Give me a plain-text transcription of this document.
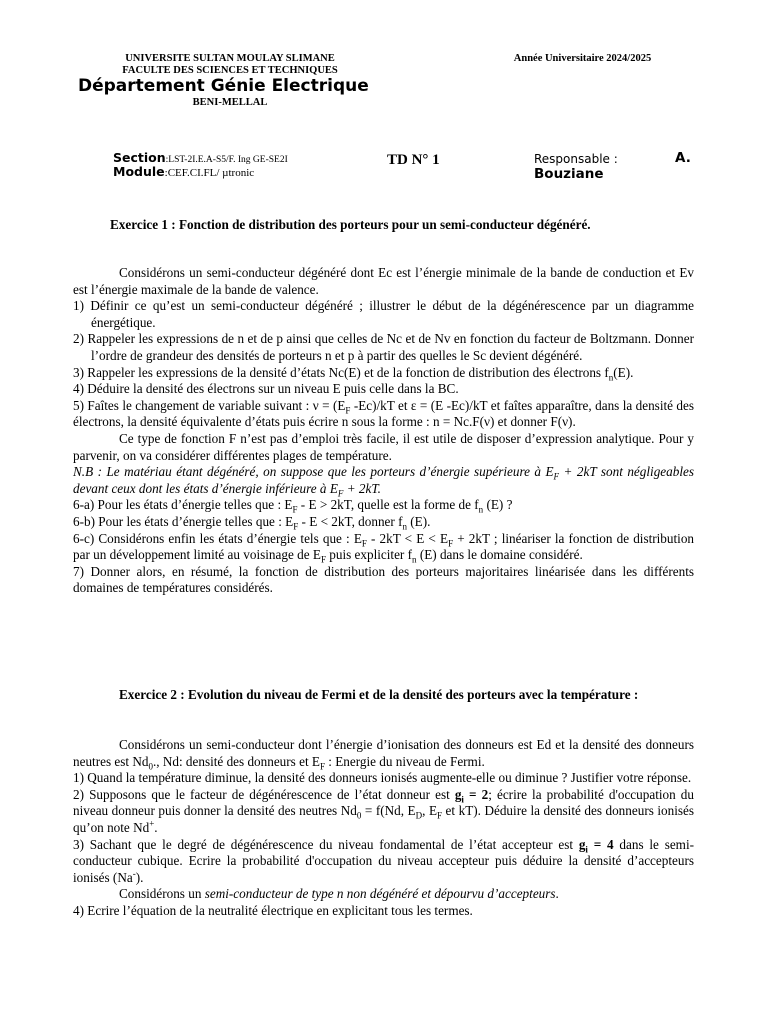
UNIVERSITE SULTAN MOULAY SLIMANE
FACULTE DES SCIENCES ET TECHNIQUES
Département Génie Electrique
BENI-MELLAL
Année Universitaire 2024/2025
Section:LST-2I.E.A-S5/F. Ing GE-SE2I
Module:CEF.CI.FL/ µtronic
TD N° 1	Responsable :	A.
Bouziane
Exercice 1 : Fonction de distribution des porteurs pour un semi-conducteur dégénéré.

Considérons un semi-conducteur dégénéré dont Ec est l’énergie minimale de la bande de conduction et Ev est l’énergie maximale de la bande de valence.

1) Définir ce qu’est un semi-conducteur dégénéré ; illustrer le début de la dégénérescence par un diagramme énergétique.

2) Rappeler les expressions de n et de p ainsi que celles de Nc et de Nv en fonction du facteur de Boltzmann. Donner l’ordre de grandeur des densités de porteurs n et p à partir des quelles le Sc devient dégénéré.

3) Rappeler les expressions de la densité d’états Nc(E) et de la fonction de distribution des électrons $f_n(E)$.

4) Déduire la densité des électrons sur un niveau E puis celle dans la BC.

5) Faîtes le changement de variable suivant : $\nu = (E_F$ -Ec)/kT et ε = (E -Ec)/kT et faîtes apparaître, dans la densité des électrons, la densité équivalente d’états puis écrire n sous la forme : n = Nc.F(ν) et donner F(ν).

Ce type de fonction F n’est pas d’emploi très facile, il est utile de disposer d’expression analytique. Pour y parvenir, on va considérer différentes plages de température.

N.B : Le matériau étant dégénéré, on suppose que les porteurs d’énergie supérieure à $E_F + 2kT$ sont négligeables devant ceux dont les états d’énergie inférieure à $E_F + 2kT$.

6-a) Pour les états d’énergie telles que : $E_F - E > 2kT$, quelle est la forme de $f_n$ (E) ?

6-b) Pour les états d’énergie telles que : $E_F - E < 2kT$, donner $f_n$ (E).

6-c) Considérons enfin les états d’énergie tels que : $E_F - 2kT < E < E_F + 2kT$ ; linéariser la fonction de distribution par un développement limité au voisinage de $E_F$ puis expliciter $f_n$ (E) dans le domaine considéré.

7) Donner alors, en résumé, la fonction de distribution des porteurs majoritaires linéarisée dans les différents domaines de températures considérés.

Exercice 2 : Evolution du niveau de Fermi et de la densité des porteurs avec la température :

Considérons un semi-conducteur dont l’énergie d’ionisation des donneurs est Ed et la densité des donneurs neutres est $Nd_0$., Nd: densité des donneurs et $E_F$ : Energie du niveau de Fermi.

1) Quand la température diminue, la densité des donneurs ionisés augmente-elle ou diminue ? Justifier votre réponse.

2) Supposons que le facteur de dégénérescence de l’état donneur est $g_i = 2$; écrire la probabilité d'occupation du niveau donneur puis donner la densité des neutres $Nd_0 = f(Nd$, $E_D$, $E_F$ et kT). Déduire la densité des donneurs ionisés qu’on note Nd+.

3) Sachant que le degré de dégénérescence du niveau fondamental de l’état accepteur est $g_i = 4$ dans le semi-conducteur cubique. Ecrire la probabilité d'occupation du niveau accepteur puis déduire la densité d’accepteurs ionisés (Na-).

Considérons un semi-conducteur de type n non dégénéré et dépourvu d’accepteurs.

4) Ecrire l’équation de la neutralité électrique en explicitant tous les termes.
